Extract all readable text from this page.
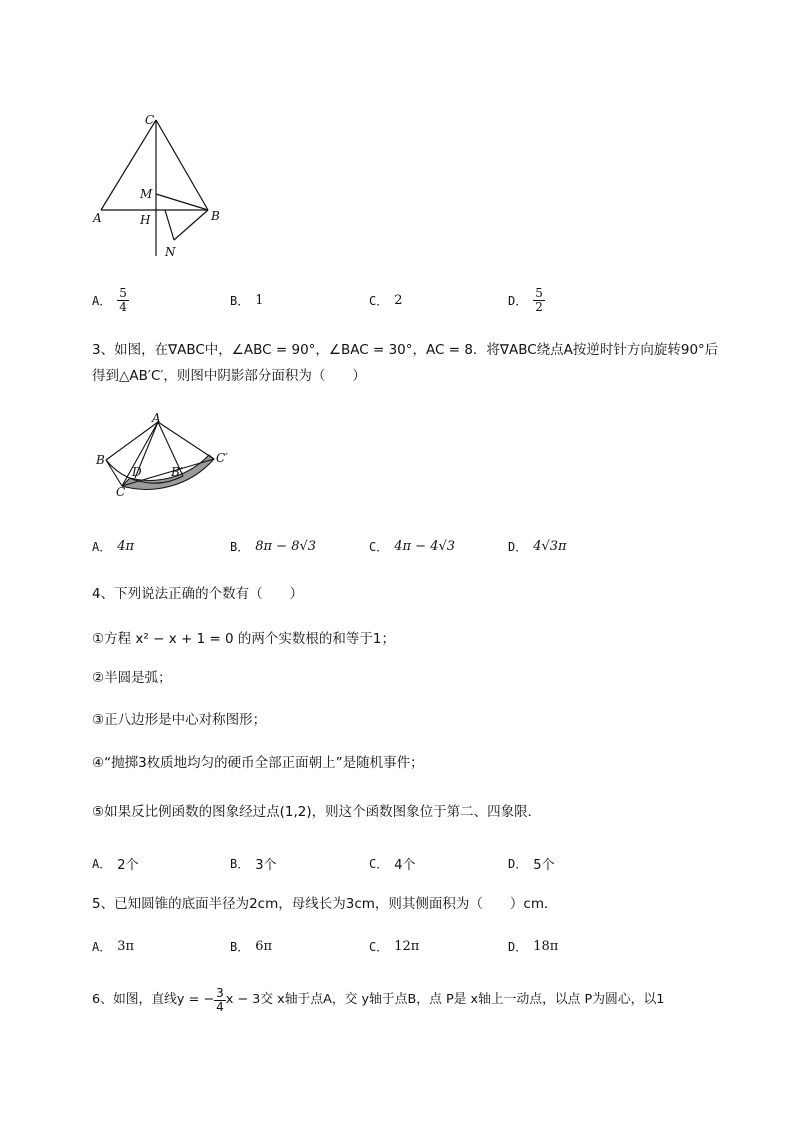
C
M
A	H	B
N
A． $\frac{5}{4}$	B． 1	C． 2	D． $\frac{5}{2}$
3、如图，在∇ABC中，∠ABC = 90°，∠BAC = 30°，AC = 8．将∇ABC绕点A按逆时针方向旋转90°后
得到△AB′C′，则图中阴影部分面积为（　　）
A
B
C
D B′
C′
A． 4π	B． 8π − 8√3	C． 4π − 4√3	D． 4√3π
4、下列说法正确的个数有（　　）
①方程 x² − x + 1 = 0 的两个实数根的和等于1；
②半圆是弧；
③正八边形是中心对称图形；
④“抛掷3枚质地均匀的硬币全部正面朝上”是随机事件；
⑤如果反比例函数的图象经过点(1,2)，则这个函数图象位于第二、四象限．
A． 2个	B． 3个	C． 4个	D． 5个
5、已知圆锥的底面半径为2cm，母线长为3cm，则其侧面积为（　　）cm．
A． 3π	B． 6π	C． 12π	D． 18π
6、如图，直线y = − $\frac{3}{4}$ x − 3交 x轴于点A，交 y轴于点B，点 P是 x轴上一动点，以点 P为圆心，以1
